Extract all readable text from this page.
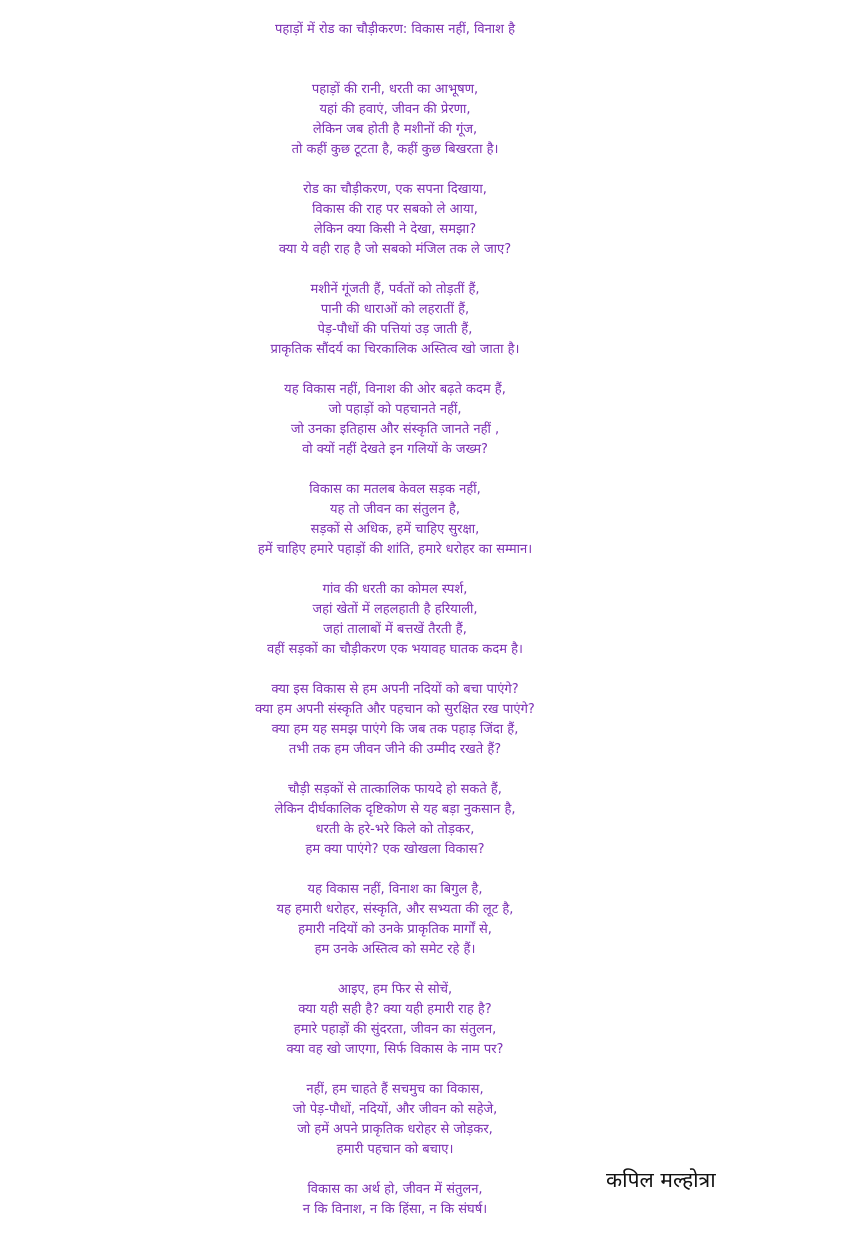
पहाड़ों में रोड का चौड़ीकरण: विकास नहीं, विनाश है
पहाड़ों की रानी, धरती का आभूषण,
यहां की हवाएं, जीवन की प्रेरणा,
लेकिन जब होती है मशीनों की गूंज,
तो कहीं कुछ टूटता है, कहीं कुछ बिखरता है।
रोड का चौड़ीकरण, एक सपना दिखाया,
विकास की राह पर सबको ले आया,
लेकिन क्या किसी ने देखा, समझा?
क्या ये वही राह है जो सबको मंजिल तक ले जाए?
मशीनें गूंजती हैं, पर्वतों को तोड़तीं हैं,
पानी की धाराओं को लहरातीं हैं,
पेड़-पौधों की पत्तियां उड़ जाती हैं,
प्राकृतिक सौंदर्य का चिरकालिक अस्तित्व खो जाता है।
यह विकास नहीं, विनाश की ओर बढ़ते कदम हैं,
जो पहाड़ों को पहचानते नहीं,
जो उनका इतिहास और संस्कृति जानते नहीं ,
वो क्यों नहीं देखते इन गलियों के जख्म?
विकास का मतलब केवल सड़क नहीं,
यह तो जीवन का संतुलन है,
सड़कों से अधिक, हमें चाहिए सुरक्षा,
हमें चाहिए हमारे पहाड़ों की शांति, हमारे धरोहर का सम्मान।
गांव की धरती का कोमल स्पर्श,
जहां खेतों में लहलहाती है हरियाली,
जहां तालाबों में बत्तखें तैरती हैं,
वहीं सड़कों का चौड़ीकरण एक भयावह घातक कदम है।
क्या इस विकास से हम अपनी नदियों को बचा पाएंगे?
क्या हम अपनी संस्कृति और पहचान को सुरक्षित रख पाएंगे?
क्या हम यह समझ पाएंगे कि जब तक पहाड़ जिंदा हैं,
तभी तक हम जीवन जीने की उम्मीद रखते हैं?
चौड़ी सड़कों से तात्कालिक फायदे हो सकते हैं,
लेकिन दीर्घकालिक दृष्टिकोण से यह बड़ा नुकसान है,
धरती के हरे-भरे किले को तोड़कर,
हम क्या पाएंगे? एक खोखला विकास?
यह विकास नहीं, विनाश का बिगुल है,
यह हमारी धरोहर, संस्कृति, और सभ्यता की लूट है,
हमारी नदियों को उनके प्राकृतिक मार्गों से,
हम उनके अस्तित्व को समेट रहे हैं।
आइए, हम फिर से सोचें,
क्या यही सही है? क्या यही हमारी राह है?
हमारे पहाड़ों की सुंदरता, जीवन का संतुलन,
क्या वह खो जाएगा, सिर्फ विकास के नाम पर?
नहीं, हम चाहते हैं सचमुच का विकास,
जो पेड़-पौधों, नदियों, और जीवन को सहेजे,
जो हमें अपने प्राकृतिक धरोहर से जोड़कर,
हमारी पहचान को बचाए।
विकास का अर्थ हो, जीवन में संतुलन,
न कि विनाश, न कि हिंसा, न कि संघर्ष।
कपिल मल्होत्रा
